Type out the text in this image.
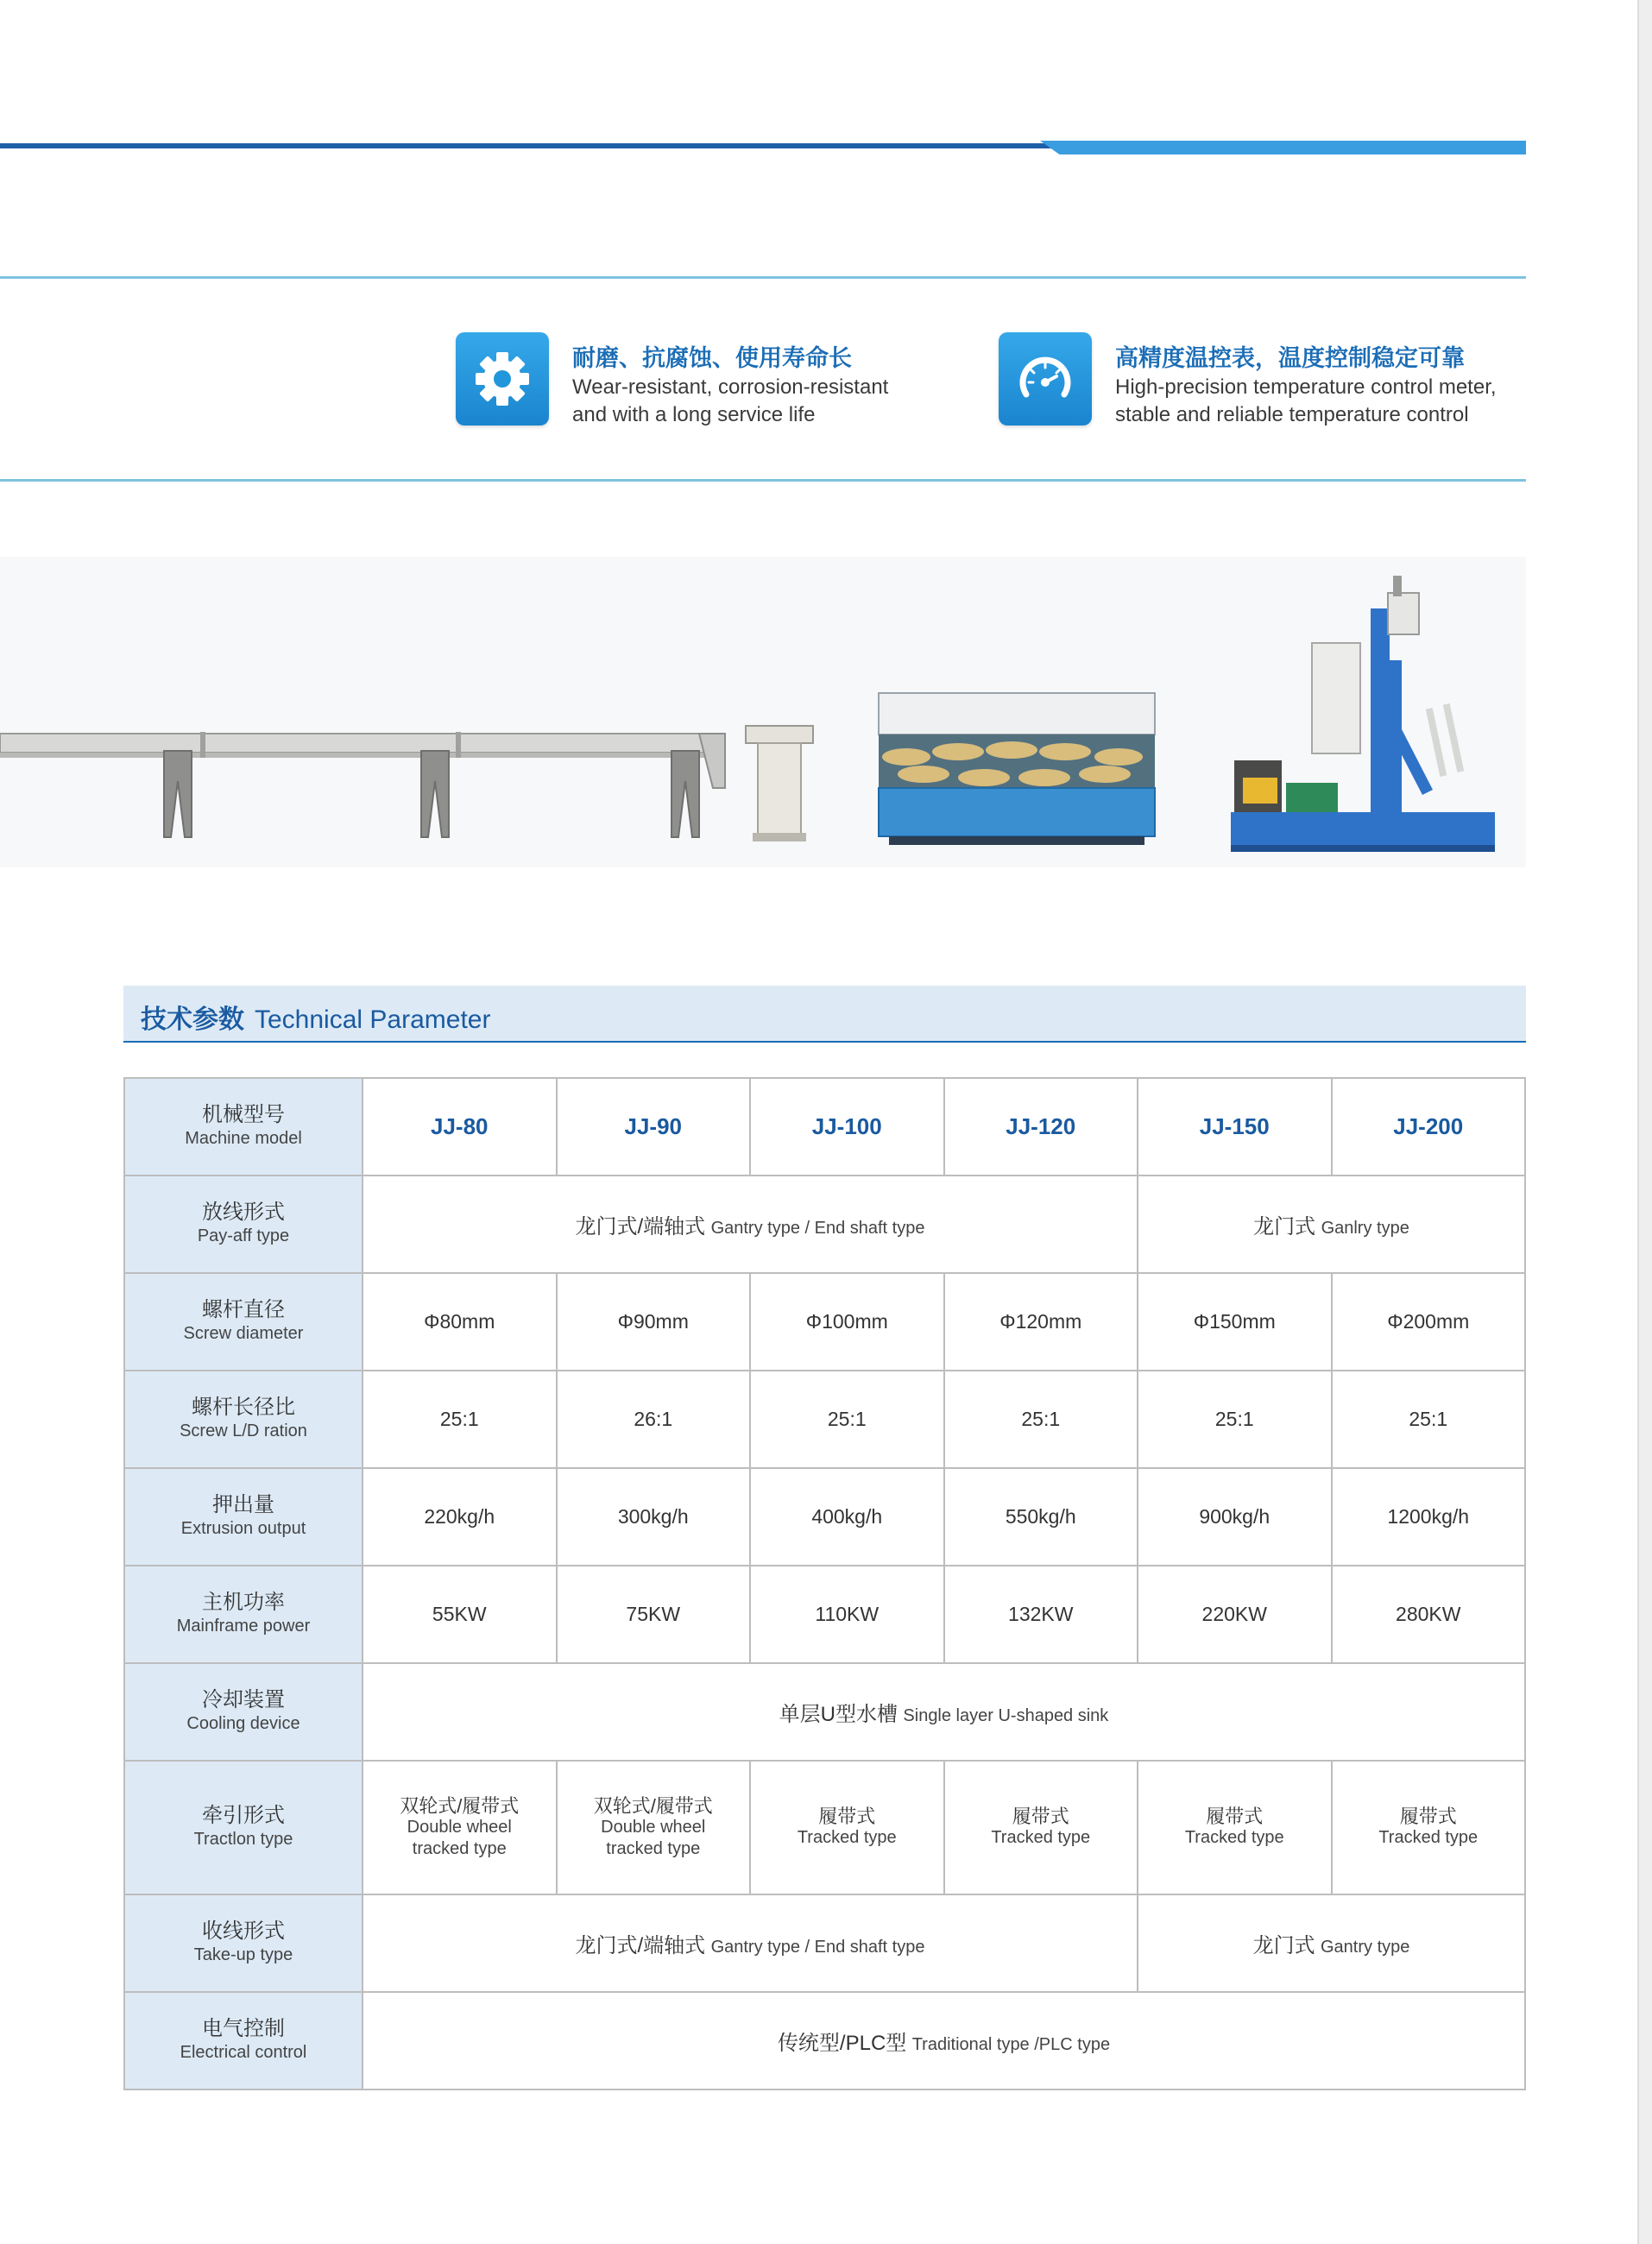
耐磨、抗腐蚀、使用寿命长
Wear-resistant, corrosion-resistant
and with a long service life
高精度温控表，温度控制稳定可靠
High-precision temperature control meter,
stable and reliable temperature control
技术参数 Technical Parameter
机械型号
Machine model	JJ-80	JJ-90	JJ-100	JJ-120	JJ-150	JJ-200

放线形式
Pay-aff type	龙门式/端轴式 Gantry type / End shaft type				龙门式 Ganlry type	

螺杆直径
Screw diameter	Φ80mm	Φ90mm	Φ100mm	Φ120mm	Φ150mm	Φ200mm

螺杆长径比
Screw L/D ration	25:1	26:1	25:1	25:1	25:1	25:1

押出量
Extrusion output	220kg/h	300kg/h	400kg/h	550kg/h	900kg/h	1200kg/h

主机功率
Mainframe power	55KW	75KW	110KW	132KW	220KW	280KW

冷却装置
Cooling device	单层U型水槽 Single layer U-shaped sink					

牵引形式
Tractlon type	双轮式/履带式
Double wheel
tracked type	双轮式/履带式
Double wheel
tracked type	履带式
Tracked type	履带式
Tracked type	履带式
Tracked type	履带式
Tracked type

收线形式
Take-up type	龙门式/端轴式 Gantry type / End shaft type				龙门式 Gantry type	

电气控制
Electrical control	传统型/PLC型 Traditional type /PLC type					
